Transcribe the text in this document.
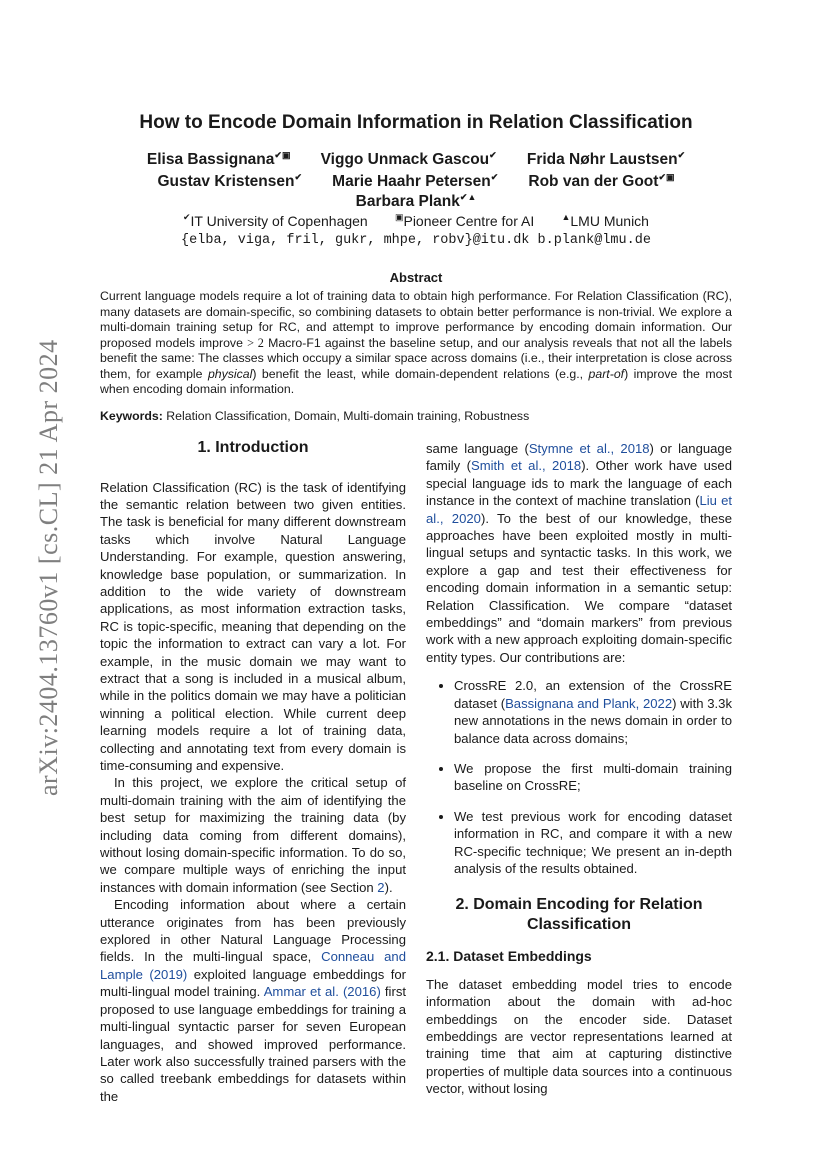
arXiv:2404.13760v1 [cs.CL] 21 Apr 2024
How to Encode Domain Information in Relation Classification
Elisa Bassignana✔▣ Viggo Unmack Gascou✔ Frida Nøhr Laustsen✔
Gustav Kristensen✔ Marie Haahr Petersen✔ Rob van der Goot✔▣
Barbara Plank✔▲
✔IT University of Copenhagen	▣Pioneer Centre for AI	▲LMU Munich
{elba, viga, fril, gukr, mhpe, robv}@itu.dk b.plank@lmu.de
Abstract
Current language models require a lot of training data to obtain high performance. For Relation Classification (RC), many datasets are domain-specific, so combining datasets to obtain better performance is non-trivial. We explore a multi-domain training setup for RC, and attempt to improve performance by encoding domain information. Our proposed models improve > 2 Macro-F1 against the baseline setup, and our analysis reveals that not all the labels benefit the same: The classes which occupy a similar space across domains (i.e., their interpretation is close across them, for example physical) benefit the least, while domain-dependent relations (e.g., part-of) improve the most when encoding domain information.
Keywords: Relation Classification, Domain, Multi-domain training, Robustness
1. Introduction

Relation Classification (RC) is the task of identifying the semantic relation between two given entities. The task is beneficial for many different downstream tasks which involve Natural Language Understanding. For example, question answering, knowledge base population, or summarization. In addition to the wide variety of downstream applications, as most information extraction tasks, RC is topic-specific, meaning that depending on the topic the information to extract can vary a lot. For example, in the music domain we may want to extract that a song is included in a musical album, while in the politics domain we may have a politician winning a political election. While current deep learning models require a lot of training data, collecting and annotating text from every domain is time-consuming and expensive.

In this project, we explore the critical setup of multi-domain training with the aim of identifying the best setup for maximizing the training data (by including data coming from different domains), without losing domain-specific information. To do so, we compare multiple ways of enriching the input instances with domain information (see Section 2).

Encoding information about where a certain utterance originates from has been previously explored in other Natural Language Processing fields. In the multi-lingual space, Conneau and Lample (2019) exploited language embeddings for multi-lingual model training. Ammar et al. (2016) first proposed to use language embeddings for training a multi-lingual syntactic parser for seven European languages, and showed improved performance. Later work also successfully trained parsers with the so called treebank embeddings for datasets within the

same language (Stymne et al., 2018) or language family (Smith et al., 2018). Other work have used special language ids to mark the language of each instance in the context of machine translation (Liu et al., 2020). To the best of our knowledge, these approaches have been exploited mostly in multi-lingual setups and syntactic tasks. In this work, we explore a gap and test their effectiveness for encoding domain information in a semantic setup: Relation Classification. We compare “dataset embeddings” and “domain markers” from previous work with a new approach exploiting domain-specific entity types. Our contributions are:

• CrossRE 2.0, an extension of the CrossRE dataset (Bassignana and Plank, 2022) with 3.3k new annotations in the news domain in order to balance data across domains;
• We propose the first multi-domain training baseline on CrossRE;
• We test previous work for encoding dataset information in RC, and compare it with a new RC-specific technique; We present an in-depth analysis of the results obtained.
2. Domain Encoding for Relation
Classification
2.1. Dataset Embeddings

The dataset embedding model tries to encode information about the domain with ad-hoc embeddings on the encoder side. Dataset embeddings are vector representations learned at training time that aim at capturing distinctive properties of multiple data sources into a continuous vector, without losing
